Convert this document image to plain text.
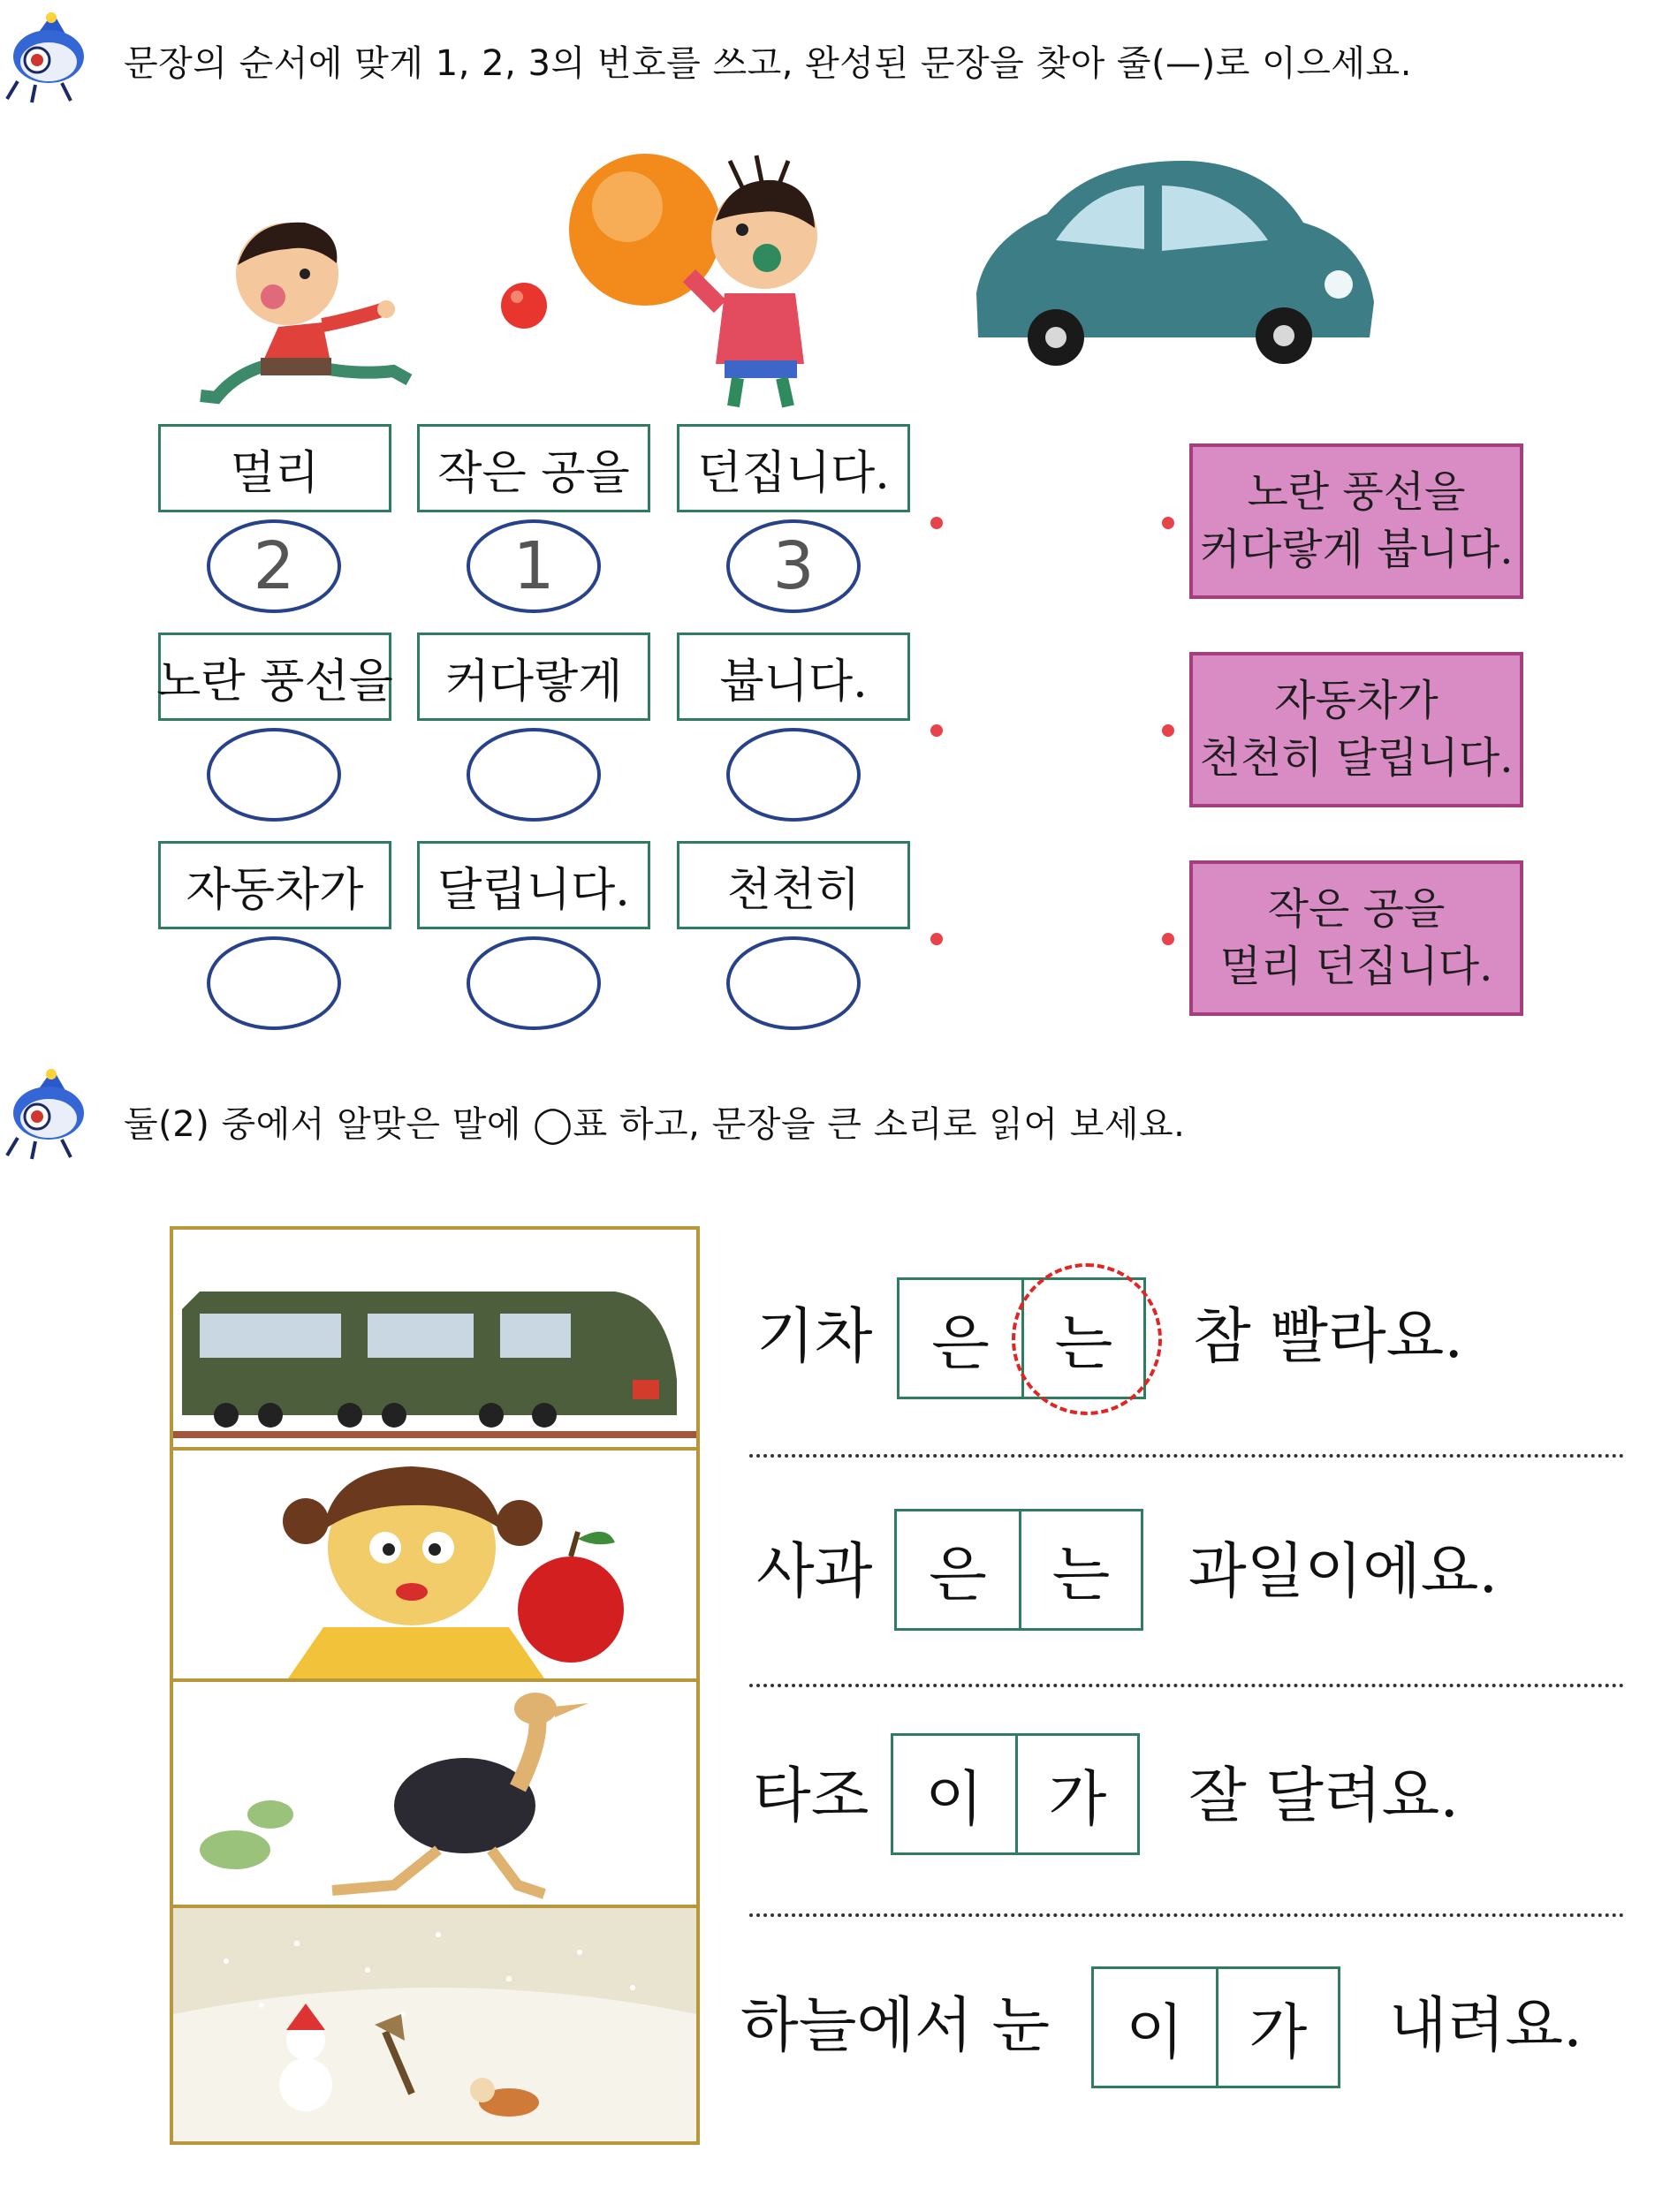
문장의 순서에 맞게 1, 2, 3의 번호를 쓰고, 완성된 문장을 찾아 줄(—)로 이으세요.
멀리	작은 공을	던집니다.
2	1	3
노란 풍선을	커다랗게	붑니다.
자동차가	달립니다.	천천히
노란 풍선을
커다랗게 붑니다.
자동차가
천천히 달립니다.
작은 공을
멀리 던집니다.
둘(2) 중에서 알맞은 말에 ◯표 하고, 문장을 큰 소리로 읽어 보세요.
기차 은	는	참 빨라요.
사과 은	는	과일이에요.
타조 이	가	잘 달려요.
하늘에서 눈	이	가	내려요.
